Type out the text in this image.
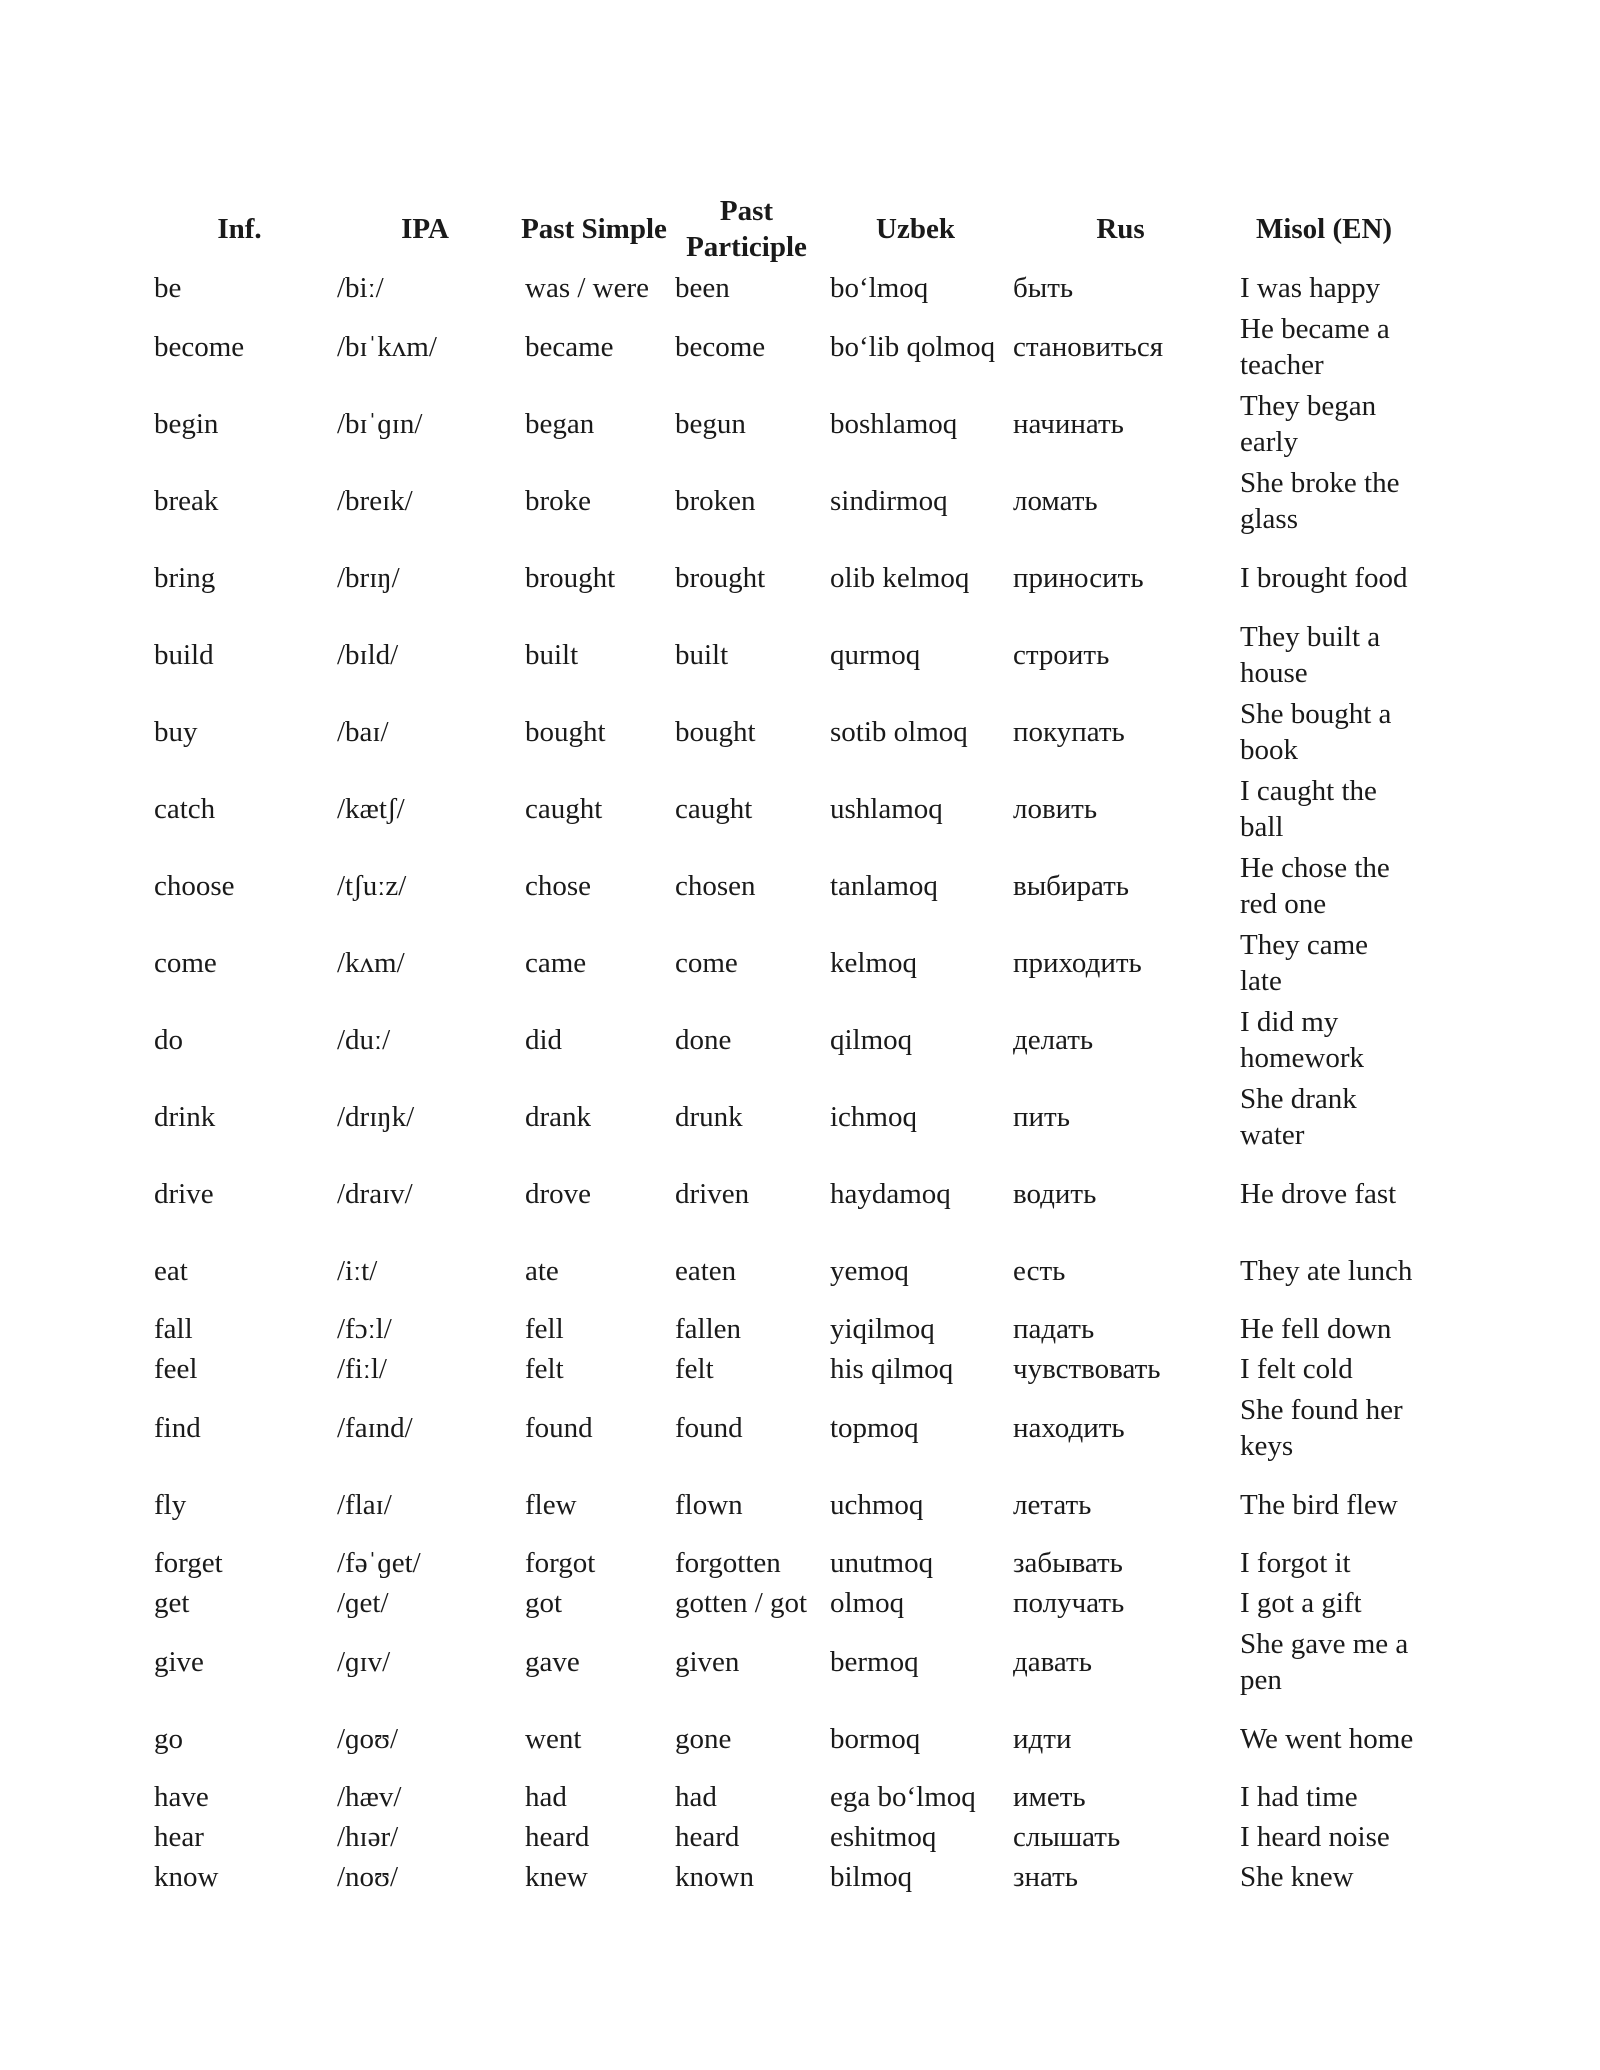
Inf.	IPA	Past Simple	Past Participle	Uzbek	Rus	Misol (EN)
be	/biː/	was / were	been	boʻlmoq	быть	I was happy
become	/bɪˈkʌm/	became	become	boʻlib qolmoq	становиться	He became a teacher
begin	/bɪˈɡɪn/	began	begun	boshlamoq	начинать	They began early
break	/breɪk/	broke	broken	sindirmoq	ломать	She broke the glass
bring	/brɪŋ/	brought	brought	olib kelmoq	приносить	I brought food
build	/bɪld/	built	built	qurmoq	строить	They built a house
buy	/baɪ/	bought	bought	sotib olmoq	покупать	She bought a book
catch	/kætʃ/	caught	caught	ushlamoq	ловить	I caught the ball
choose	/tʃuːz/	chose	chosen	tanlamoq	выбирать	He chose the red one
come	/kʌm/	came	come	kelmoq	приходить	They came late
do	/duː/	did	done	qilmoq	делать	I did my homework
drink	/drɪŋk/	drank	drunk	ichmoq	пить	She drank water
drive	/draɪv/	drove	driven	haydamoq	водить	He drove fast
eat	/iːt/	ate	eaten	yemoq	есть	They ate lunch
fall	/fɔːl/	fell	fallen	yiqilmoq	падать	He fell down
feel	/fiːl/	felt	felt	his qilmoq	чувствовать	I felt cold
find	/faɪnd/	found	found	topmoq	находить	She found her keys
fly	/flaɪ/	flew	flown	uchmoq	летать	The bird flew
forget	/fəˈɡet/	forgot	forgotten	unutmoq	забывать	I forgot it
get	/ɡet/	got	gotten / got	olmoq	получать	I got a gift
give	/ɡɪv/	gave	given	bermoq	давать	She gave me a pen
go	/ɡoʊ/	went	gone	bormoq	идти	We went home
have	/hæv/	had	had	ega boʻlmoq	иметь	I had time
hear	/hɪər/	heard	heard	eshitmoq	слышать	I heard noise
know	/noʊ/	knew	known	bilmoq	знать	She knew
